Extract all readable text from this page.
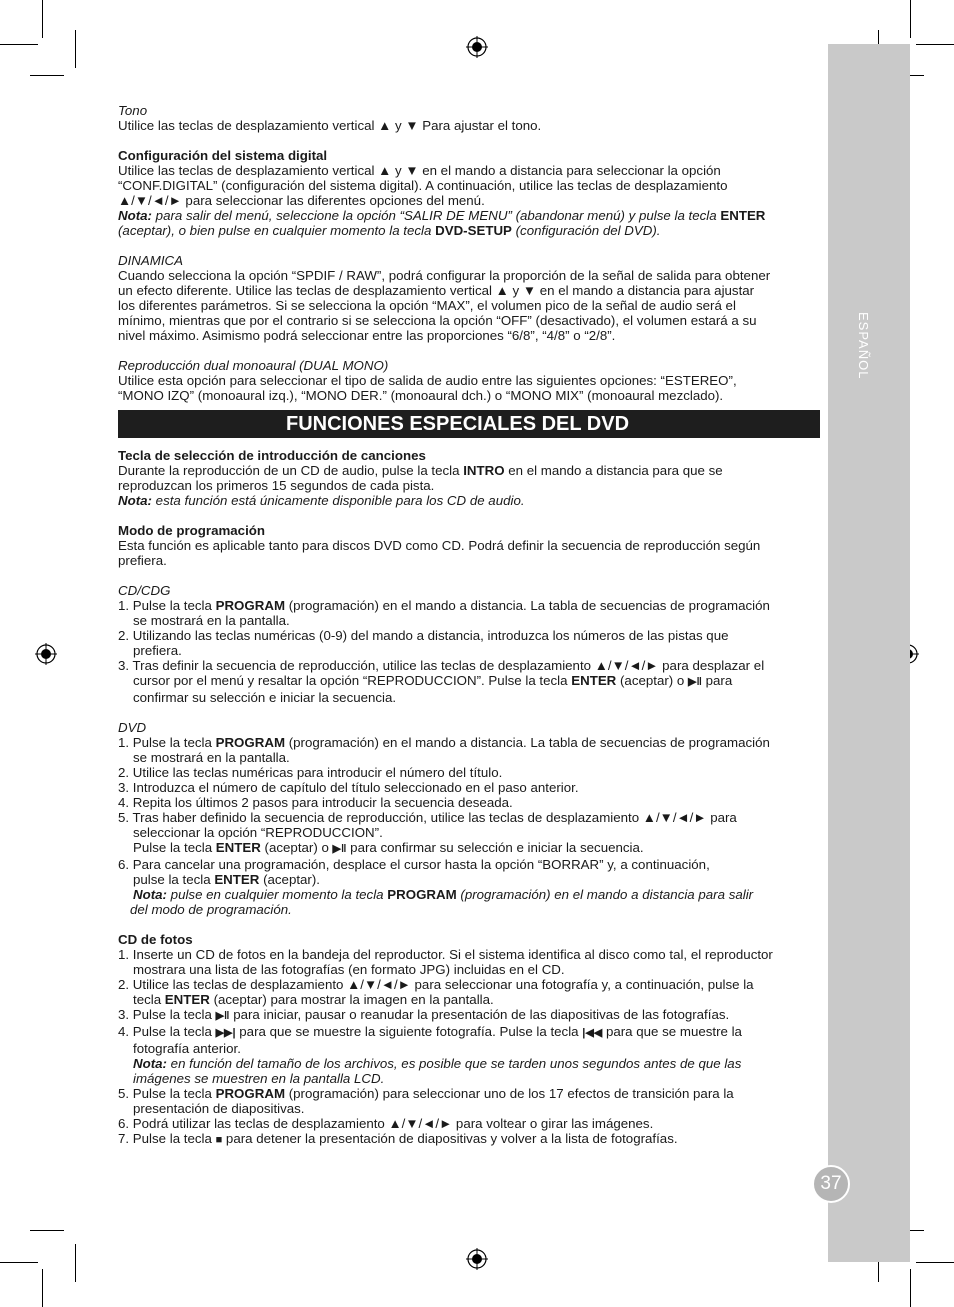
ESPAÑOL
37

Tono

Utilice las teclas de desplazamiento vertical ▲ y ▼ Para ajustar el tono.

Configuración del sistema digital

Utilice las teclas de desplazamiento vertical ▲ y ▼ en el mando a distancia para seleccionar la opción

“CONF.DIGITAL” (configuración del sistema digital). A continuación, utilice las teclas de desplazamiento

▲/▼/◄/► para seleccionar las diferentes opciones del menú.

Nota: para salir del menú, seleccione la opción “SALIR DE MENU” (abandonar menú) y pulse la tecla ENTER

(aceptar), o bien pulse en cualquier momento la tecla DVD-SETUP (configuración del DVD).

DINAMICA

Cuando selecciona la opción “SPDIF / RAW”, podrá configurar la proporción de la señal de salida para obtener

un efecto diferente. Utilice las teclas de desplazamiento vertical ▲ y ▼ en el mando a distancia para ajustar

los diferentes parámetros. Si se selecciona la opción “MAX”, el volumen pico de la señal de audio será el

mínimo, mientras que por el contrario si se selecciona la opción “OFF” (desactivado), el volumen estará a su

nivel máximo. Asimismo podrá seleccionar entre las proporciones “6/8”, “4/8” o “2/8”.

Reproducción dual monoaural (DUAL MONO)

Utilice esta opción para seleccionar el tipo de salida de audio entre las siguientes opciones: “ESTEREO”,

“MONO IZQ” (monoaural izq.), “MONO DER.” (monoaural dch.) o “MONO MIX” (monoaural mezclado).

FUNCIONES ESPECIALES DEL DVD

Tecla de selección de introducción de canciones

Durante la reproducción de un CD de audio, pulse la tecla INTRO en el mando a distancia para que se

reproduzcan los primeros 15 segundos de cada pista.

Nota: esta función está únicamente disponible para los CD de audio.

Modo de programación

Esta función es aplicable tanto para discos DVD como CD. Podrá definir la secuencia de reproducción según

prefiera.

CD/CDG

1. Pulse la tecla PROGRAM (programación) en el mando a distancia. La tabla de secuencias de programación

se mostrará en la pantalla.

2. Utilizando las teclas numéricas (0-9) del mando a distancia, introduzca los números de las pistas que

prefiera.

3. Tras definir la secuencia de reproducción, utilice las teclas de desplazamiento ▲/▼/◄/► para desplazar el

cursor por el menú y resaltar la opción “REPRODUCCION”. Pulse la tecla ENTER (aceptar) o ▶‖ para

confirmar su selección e iniciar la secuencia.

DVD

1. Pulse la tecla PROGRAM (programación) en el mando a distancia. La tabla de secuencias de programación

se mostrará en la pantalla.

2. Utilice las teclas numéricas para introducir el número del título.

3. Introduzca el número de capítulo del título seleccionado en el paso anterior.

4. Repita los últimos 2 pasos para introducir la secuencia deseada.

5. Tras haber definido la secuencia de reproducción, utilice las teclas de desplazamiento ▲/▼/◄/► para

seleccionar la opción “REPRODUCCION”.

Pulse la tecla ENTER (aceptar) o ▶‖ para confirmar su selección e iniciar la secuencia.

6. Para cancelar una programación, desplace el cursor hasta la opción “BORRAR” y, a continuación,

pulse la tecla ENTER (aceptar).

Nota: pulse en cualquier momento la tecla PROGRAM (programación) en el mando a distancia para salir

del modo de programación.

CD de fotos

1. Inserte un CD de fotos en la bandeja del reproductor. Si el sistema identifica al disco como tal, el reproductor

mostrara una lista de las fotografías (en formato JPG) incluidas en el CD.

2. Utilice las teclas de desplazamiento ▲/▼/◄/► para seleccionar una fotografía y, a continuación, pulse la

tecla ENTER (aceptar) para mostrar la imagen en la pantalla.

3. Pulse la tecla ▶‖ para iniciar, pausar o reanudar la presentación de las diapositivas de las fotografías.

4. Pulse la tecla ▶▶| para que se muestre la siguiente fotografía. Pulse la tecla |◀◀ para que se muestre la

fotografía anterior.

Nota: en función del tamaño de los archivos, es posible que se tarden unos segundos antes de que las

imágenes se muestren en la pantalla LCD.

5. Pulse la tecla PROGRAM (programación) para seleccionar uno de los 17 efectos de transición para la

presentación de diapositivas.

6. Podrá utilizar las teclas de desplazamiento ▲/▼/◄/► para voltear o girar las imágenes.

7. Pulse la tecla ■ para detener la presentación de diapositivas y volver a la lista de fotografías.
